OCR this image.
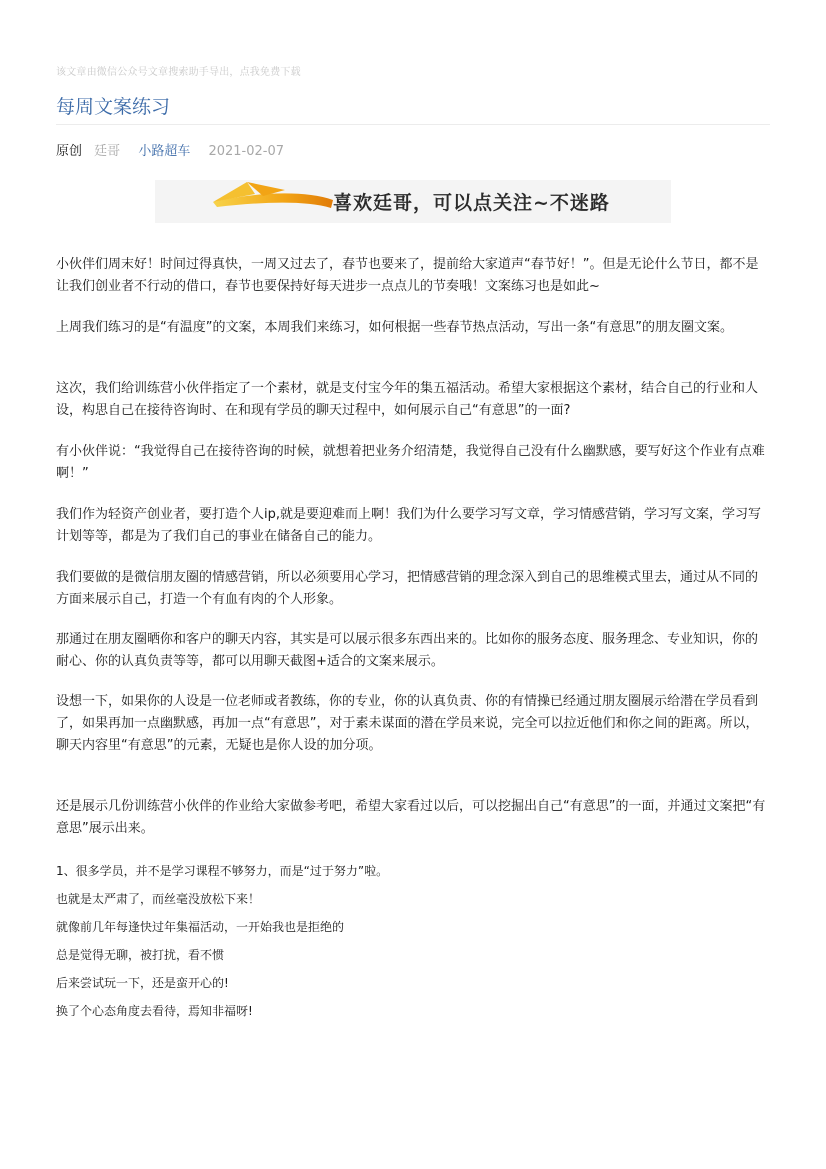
该文章由微信公众号文章搜索助手导出，点我免费下载
每周文案练习
原创 廷哥 小路超车 2021-02-07
喜欢廷哥，可以点关注~不迷路

小伙伴们周末好！时间过得真快，一周又过去了，春节也要来了，提前给大家道声“春节好！”。但是无论什么节日，都不是让我们创业者不行动的借口，春节也要保持好每天进步一点点儿的节奏哦！文案练习也是如此~

上周我们练习的是“有温度”的文案，本周我们来练习，如何根据一些春节热点活动，写出一条“有意思”的朋友圈文案。

这次，我们给训练营小伙伴指定了一个素材，就是支付宝今年的集五福活动。希望大家根据这个素材，结合自己的行业和人设，构思自己在接待咨询时、在和现有学员的聊天过程中，如何展示自己“有意思”的一面?

有小伙伴说：“我觉得自己在接待咨询的时候，就想着把业务介绍清楚，我觉得自己没有什么幽默感，要写好这个作业有点难啊！”

我们作为轻资产创业者，要打造个人ip,就是要迎难而上啊！我们为什么要学习写文章，学习情感营销，学习写文案，学习写计划等等，都是为了我们自己的事业在储备自己的能力。

我们要做的是微信朋友圈的情感营销，所以必须要用心学习，把情感营销的理念深入到自己的思维模式里去，通过从不同的方面来展示自己，打造一个有血有肉的个人形象。

那通过在朋友圈晒你和客户的聊天内容，其实是可以展示很多东西出来的。比如你的服务态度、服务理念、专业知识，你的耐心、你的认真负责等等，都可以用聊天截图+适合的文案来展示。

设想一下，如果你的人设是一位老师或者教练，你的专业，你的认真负责、你的有情操已经通过朋友圈展示给潜在学员看到了，如果再加一点幽默感，再加一点“有意思”，对于素未谋面的潜在学员来说，完全可以拉近他们和你之间的距离。所以，聊天内容里“有意思”的元素，无疑也是你人设的加分项。

还是展示几份训练营小伙伴的作业给大家做参考吧，希望大家看过以后，可以挖掘出自己“有意思”的一面，并通过文案把“有意思”展示出来。

1、很多学员，并不是学习课程不够努力，而是“过于努力”啦。
也就是太严肃了，而丝毫没放松下来！
就像前几年每逢快过年集福活动，一开始我也是拒绝的
总是觉得无聊，被打扰，看不惯
后来尝试玩一下，还是蛮开心的!
换了个心态角度去看待，焉知非福呀!
